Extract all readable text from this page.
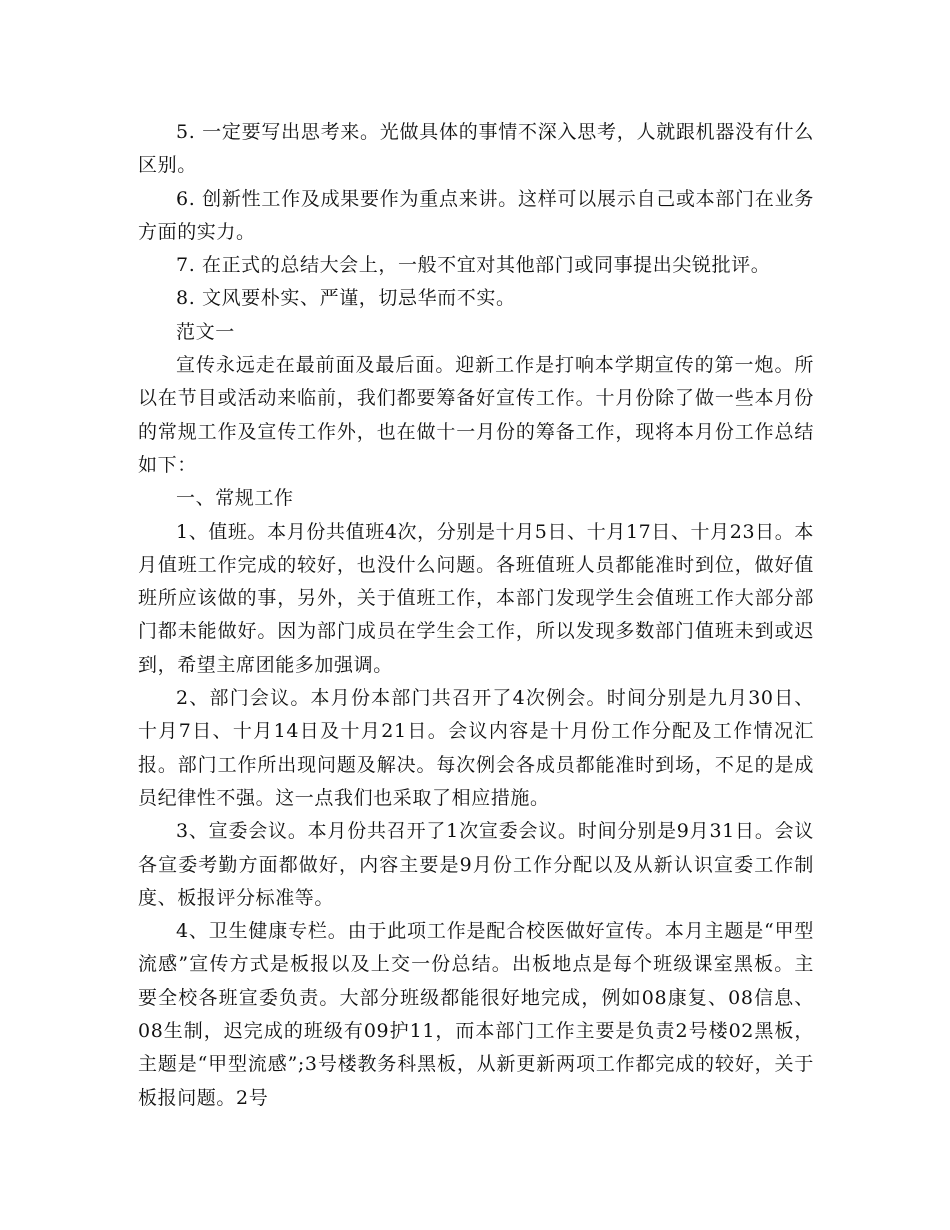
5. 一定要写出思考来。光做具体的事情不深入思考，人就跟机器没有什么区别。

6. 创新性工作及成果要作为重点来讲。这样可以展示自己或本部门在业务方面的实力。

7. 在正式的总结大会上，一般不宜对其他部门或同事提出尖锐批评。

8. 文风要朴实、严谨，切忌华而不实。

范文一

宣传永远走在最前面及最后面。迎新工作是打响本学期宣传的第一炮。所以在节目或活动来临前，我们都要筹备好宣传工作。十月份除了做一些本月份的常规工作及宣传工作外，也在做十一月份的筹备工作，现将本月份工作总结如下：

一、常规工作

1、值班。本月份共值班4次，分别是十月5日、十月17日、十月23日。本月值班工作完成的较好，也没什么问题。各班值班人员都能准时到位，做好值班所应该做的事，另外，关于值班工作，本部门发现学生会值班工作大部分部门都未能做好。因为部门成员在学生会工作，所以发现多数部门值班未到或迟到，希望主席团能多加强调。

2、部门会议。本月份本部门共召开了4次例会。时间分别是九月30日、十月7日、十月14日及十月21日。会议内容是十月份工作分配及工作情况汇报。部门工作所出现问题及解决。每次例会各成员都能准时到场，不足的是成员纪律性不强。这一点我们也采取了相应措施。

3、宣委会议。本月份共召开了1次宣委会议。时间分别是9月31日。会议各宣委考勤方面都做好，内容主要是9月份工作分配以及从新认识宣委工作制度、板报评分标准等。

4、卫生健康专栏。由于此项工作是配合校医做好宣传。本月主题是“甲型流感”宣传方式是板报以及上交一份总结。出板地点是每个班级课室黑板。主要全校各班宣委负责。大部分班级都能很好地完成，例如08康复、08信息、08生制，迟完成的班级有09护11，而本部门工作主要是负责2号楼02黑板，主题是“甲型流感”;3号楼教务科黑板，从新更新两项工作都完成的较好，关于板报问题。2号
